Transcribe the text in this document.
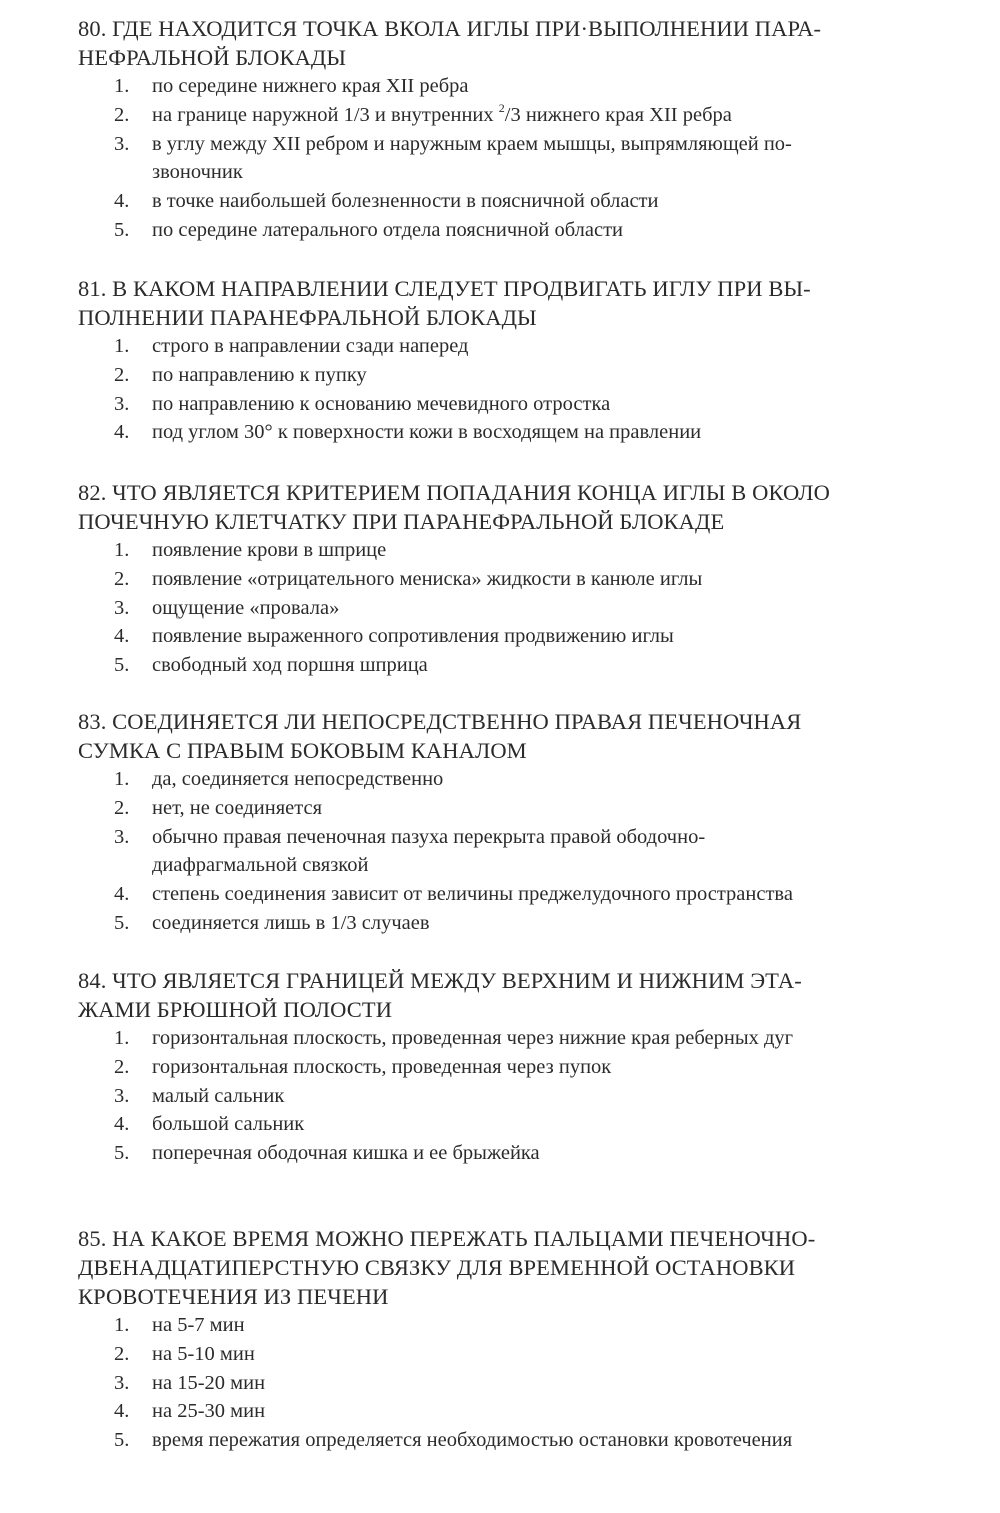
80. ГДЕ НАХОДИТСЯ ТОЧКА ВКОЛА ИГЛЫ ПРИ·ВЫПОЛНЕНИИ ПАРА-
НЕФРАЛЬНОЙ БЛОКАДЫ
1.	по середине нижнего края XII ребра
2.	на границе наружной 1/3 и внутренних $^2$/3 нижнего края XII ребра
3.	в углу между XII ребром и наружным краем мышцы, выпрямляющей по-
звоночник
4.	в точке наибольшей болезненности в поясничной области
5.	по середине латерального отдела поясничной области
81. В КАКОМ НАПРАВЛЕНИИ СЛЕДУЕТ ПРОДВИГАТЬ ИГЛУ ПРИ ВЫ-
ПОЛНЕНИИ ПАРАНЕФРАЛЬНОЙ БЛОКАДЫ
1.	строго в направлении сзади наперед
2.	по направлению к пупку
3.	по направлению к основанию мечевидного отростка
4.	под углом 30° к поверхности кожи в восходящем на правлении
82. ЧТО ЯВЛЯЕТСЯ КРИТЕРИЕМ ПОПАДАНИЯ КОНЦА ИГЛЫ В ОКОЛО
ПОЧЕЧНУЮ КЛЕТЧАТКУ ПРИ ПАРАНЕФРАЛЬНОЙ БЛОКАДЕ
1.	появление крови в шприце
2.	появление «отрицательного мениска» жидкости в канюле иглы
3.	ощущение «провала»
4.	появление выраженного сопротивления продвижению иглы
5.	свободный ход поршня шприца
83. СОЕДИНЯЕТСЯ ЛИ НЕПОСРЕДСТВЕННО ПРАВАЯ ПЕЧЕНОЧНАЯ
СУМКА С ПРАВЫМ БОКОВЫМ КАНАЛОМ
1.	да, соединяется непосредственно
2.	нет, не соединяется
3.	обычно правая печеночная пазуха перекрыта правой ободочно-
диафрагмальной связкой
4.	степень соединения зависит от величины преджелудочного пространства
5.	соединяется лишь в 1/3 случаев
84. ЧТО ЯВЛЯЕТСЯ ГРАНИЦЕЙ МЕЖДУ ВЕРХНИМ И НИЖНИМ ЭТА-
ЖАМИ БРЮШНОЙ ПОЛОСТИ
1.	горизонтальная плоскость, проведенная через нижние края реберных дуг
2.	горизонтальная плоскость, проведенная через пупок
3.	малый сальник
4.	большой сальник
5.	поперечная ободочная кишка и ее брыжейка
85. НА КАКОЕ ВРЕМЯ МОЖНО ПЕРЕЖАТЬ ПАЛЬЦАМИ ПЕЧЕНОЧНО-
ДВЕНАДЦАТИПЕРСТНУЮ СВЯЗКУ ДЛЯ ВРЕМЕННОЙ ОСТАНОВКИ
КРОВОТЕЧЕНИЯ ИЗ ПЕЧЕНИ
1.	на 5-7 мин
2.	на 5-10 мин
3.	на 15-20 мин
4.	на 25-30 мин
5.	время пережатия определяется необходимостью остановки кровотечения
